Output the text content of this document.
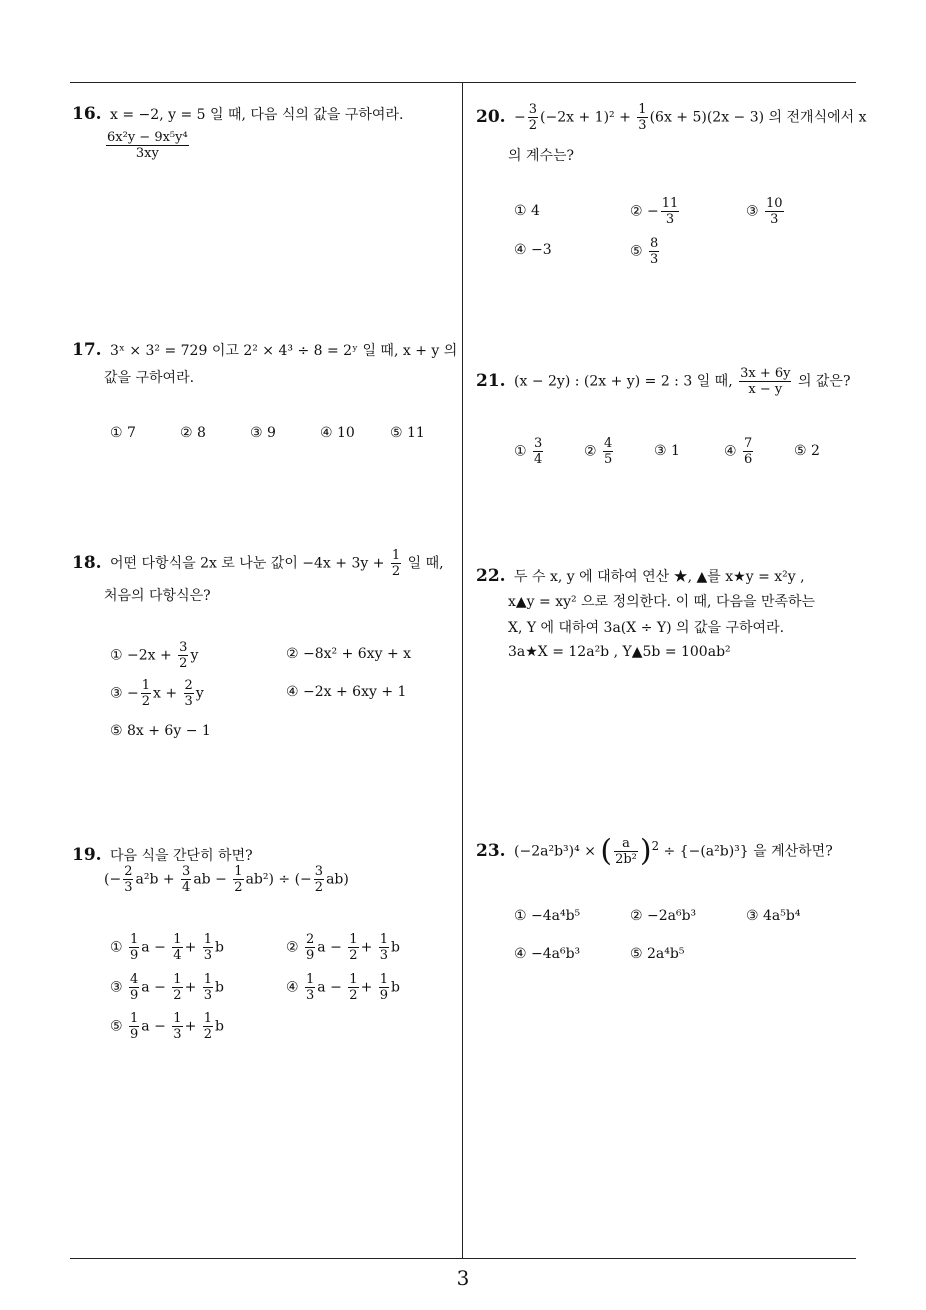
16. x = −2, y = 5 일 때, 다음 식의 값을 구하여라.
$\frac{\text{6x²y − 9x⁵y⁴}}{3xy}$
17. 3ˣ × 3² = 729 이고 2² × 4³ ÷ 8 = 2ʸ 일 때, x + y 의
값을 구하여라.
① 7	② 8	③ 9	④ 10	⑤ 11
18. 어떤 다항식을 2x 로 나눈 값이 $-4x + 3y + \frac{1}{2}$ 일 때,
처음의 다항식은?
① $-2x + \frac{3}{2}$ y	② −8x² + 6xy + x
③ − $\frac{1}{2}$ $x + \frac{2}{3}$ y	④ −2x + 6xy + 1
⑤ 8x + 6y − 1
19. 다음 식을 간단히 하면?
(− $\frac{2}{3} a^2b + \frac{3}{4}$ ab − $\frac{1}{2} ab^2$) ÷ (− $\frac{3}{2} ab$)
① $\frac{1}{9}$ $a - \frac{1}{4} + \frac{1}{3}$ b	② $\frac{2}{9}$ $a - \frac{1}{2} + \frac{1}{3}$ b
③ $\frac{4}{9}$ $a - \frac{1}{2} + \frac{1}{3}$ b	④ $\frac{1}{3}$ $a - \frac{1}{2} + \frac{1}{9}$ b
⑤ $\frac{1}{9}$ $a - \frac{1}{3} + \frac{1}{2}$ b
20. − $\frac{3}{2} (-2x + 1)^2 + \frac{1}{3} (6x + 5)(2x - 3)$ 의 전개식에서 x
의 계수는?
① 4	② − $\frac{11}{3}$	③ $\frac{10}{3}$
④ −3	⑤ $\frac{8}{3}$
21. (x − 2y) : (2x + y) = 2 : 3 일 때, $\frac{3x + 6y}{x - y}$ 의 값은?
① $\frac{3}{4}$	② $\frac{4}{5}$	③ 1	④ $\frac{7}{6}$	⑤ 2
22. 두 수 x, y 에 대하여 연산 ★, ▲를 x★y = x²y ,
x▲y = xy² 으로 정의한다. 이 때, 다음을 만족하는
X, Y 에 대하여 3a(X ÷ Y) 의 값을 구하여라.
3a★X = 12a²b , Y▲5b = 100ab²
23. (−2a²b³)⁴ × ( $\frac{a}{\text{2b²}} )^2 \div \{-(a^2b)^3\}$ 을 계산하면?
① −4a⁴b⁵	② −2a⁶b³	③ 4a⁵b⁴
④ −4a⁶b³	⑤ 2a⁴b⁵
3
